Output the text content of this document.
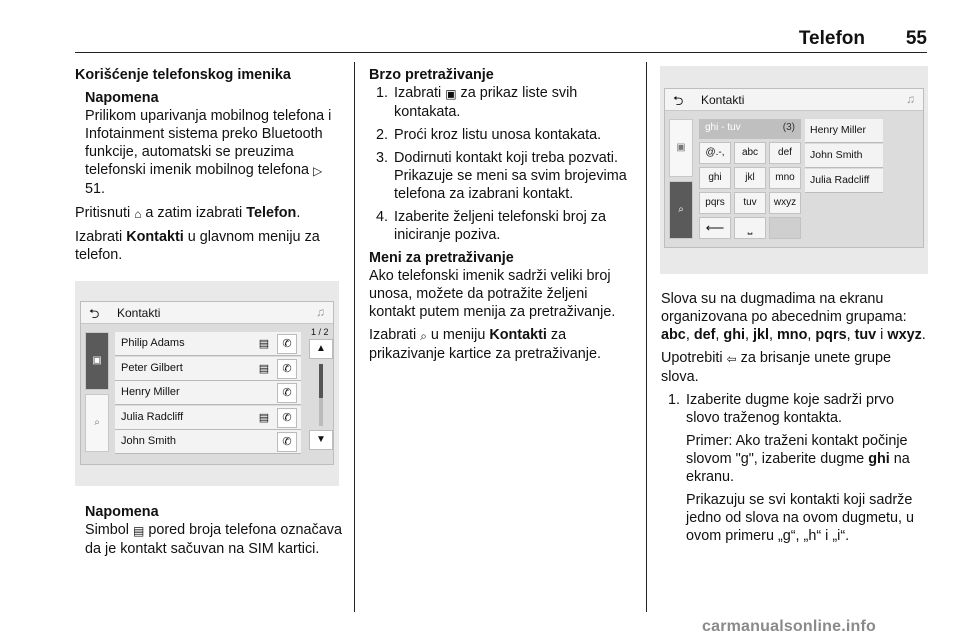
Telefon 55

Korišćenje telefonskog imenika

Napomena
Prilikom uparivanja mobilnog telefona i Infotainment sistema preko Bluetooth funkcije, automatski se preuzima telefonski imenik mobilnog telefona ▷ 51.

Pritisnuti ⌂ a zatim izabrati Telefon.

Izabrati Kontakti u glavnom meniju za telefon.

⮌ Kontakti	♫
▣
⌕
Philip Adams	▤	✆
Peter Gilbert	▤	✆
Henry Miller	✆
Julia Radcliff	▤	✆
John Smith	✆
1 / 2
▲
▼

Napomena
Simbol ▤ pored broja telefona označava da je kontakt sačuvan na SIM kartici.

Brzo pretraživanje

1. Izabrati ▣ za prikaz liste svih kontakata.
2. Proći kroz listu unosa kontakata.
3. Dodirnuti kontakt koji treba pozvati. Prikazuje se meni sa svim brojevima telefona za izabrani kontakt.
4. Izaberite željeni telefonski broj za iniciranje poziva.

Meni za pretraživanje

Ako telefonski imenik sadrži veliki broj unosa, možete da potražite željeni kontakt putem menija za pretraživanje.

Izabrati ⌕ u meniju Kontakti za prikazivanje kartice za pretraživanje.

⮌ Kontakti	♫
▣
⌕
ghi - tuv	(3)
@.-,	abc	def
ghi	jkl	mno
pqrs	tuv	wxyz
⟵	⎵
Henry Miller
John Smith
Julia Radcliff

Slova su na dugmadima na ekranu organizovana po abecednim grupama: abc, def, ghi, jkl, mno, pqrs, tuv i wxyz.

Upotrebiti ⇦ za brisanje unete grupe slova.

1. Izaberite dugme koje sadrži prvo slovo traženog kontakta.

Primer: Ako traženi kontakt počinje slovom "g", izaberite dugme ghi na ekranu.

Prikazuju se svi kontakti koji sadrže jedno od slova na ovom dugmetu, u ovom primeru „g“, „h“ i „i“.

carmanualsonline.info
